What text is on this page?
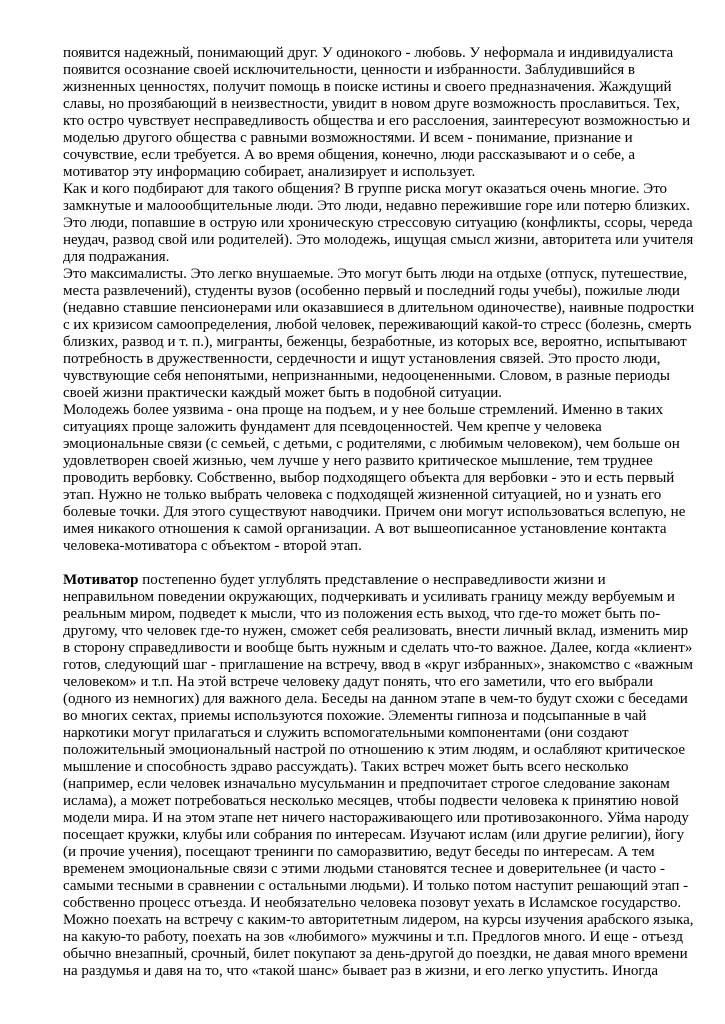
появится надежный, понимающий друг. У одинокого - любовь. У неформала и индивидуалиста
появится осознание своей исключительности, ценности и избранности. Заблудившийся в
жизненных ценностях, получит помощь в поиске истины и своего предназначения. Жаждущий
славы, но прозябающий в неизвестности, увидит в новом друге возможность прославиться. Тех,
кто остро чувствует несправедливость общества и его расслоения, заинтересуют возможностью и
моделью другого общества с равными возможностями. И всем - понимание, признание и
сочувствие, если требуется. А во время общения, конечно, люди рассказывают и о себе, а
мотиватор эту информацию собирает, анализирует и использует.
Как и кого подбирают для такого общения? В группе риска могут оказаться очень многие. Это
замкнутые и малоообщительные люди. Это люди, недавно пережившие горе или потерю близких.
Это люди, попавшие в острую или хроническую стрессовую ситуацию (конфликты, ссоры, череда
неудач, развод свой или родителей). Это молодежь, ищущая смысл жизни, авторитета или учителя
для подражания.
Это максималисты. Это легко внушаемые. Это могут быть люди на отдыхе (отпуск, путешествие,
места развлечений), студенты вузов (особенно первый и последний годы учебы), пожилые люди
(недавно ставшие пенсионерами или оказавшиеся в длительном одиночестве), наивные подростки
с их кризисом самоопределения, любой человек, переживающий какой-то стресс (болезнь, смерть
близких, развод и т. п.), мигранты, беженцы, безработные, из которых все, вероятно, испытывают
потребность в дружественности, сердечности и ищут установления связей. Это просто люди,
чувствующие себя непонятыми, непризнанными, недооцененными. Словом, в разные периоды
своей жизни практически каждый может быть в подобной ситуации.
Молодежь более уязвима - она проще на подъем, и у нее больше стремлений. Именно в таких
ситуациях проще заложить фундамент для псевдоценностей. Чем крепче у человека
эмоциональные связи (с семьей, с детьми, с родителями, с любимым человеком), чем больше он
удовлетворен своей жизнью, чем лучше у него развито критическое мышление, тем труднее
проводить вербовку. Собственно, выбор подходящего объекта для вербовки - это и есть первый
этап. Нужно не только выбрать человека с подходящей жизненной ситуацией, но и узнать его
болевые точки. Для этого существуют наводчики. Причем они могут использоваться вслепую, не
имея никакого отношения к самой организации. А вот вышеописанное установление контакта
человека-мотиватора с объектом - второй этап.
Мотиватор постепенно будет углублять представление о несправедливости жизни и
неправильном поведении окружающих, подчеркивать и усиливать границу между вербуемым и
реальным миром, подведет к мысли, что из положения есть выход, что где-то может быть по-
другому, что человек где-то нужен, сможет себя реализовать, внести личный вклад, изменить мир
в сторону справедливости и вообще быть нужным и сделать что-то важное. Далее, когда «клиент»
готов, следующий шаг - приглашение на встречу, ввод в «круг избранных», знакомство с «важным
человеком» и т.п. На этой встрече человеку дадут понять, что его заметили, что его выбрали
(одного из немногих) для важного дела. Беседы на данном этапе в чем-то будут схожи с беседами
во многих сектах, приемы используются похожие. Элементы гипноза и подсыпанные в чай
наркотики могут прилагаться и служить вспомогательными компонентами (они создают
положительный эмоциональный настрой по отношению к этим людям, и ослабляют критическое
мышление и способность здраво рассуждать). Таких встреч может быть всего несколько
(например, если человек изначально мусульманин и предпочитает строгое следование законам
ислама), а может потребоваться несколько месяцев, чтобы подвести человека к принятию новой
модели мира. И на этом этапе нет ничего настораживающего или противозаконного. Уйма народу
посещает кружки, клубы или собрания по интересам. Изучают ислам (или другие религии), йогу
(и прочие учения), посещают тренинги по саморазвитию, ведут беседы по интересам. А тем
временем эмоциональные связи с этими людьми становятся теснее и доверительнее (и часто -
самыми тесными в сравнении с остальными людьми). И только потом наступит решающий этап -
собственно процесс отъезда. И необязательно человека позовут уехать в Исламское государство.
Можно поехать на встречу с каким-то авторитетным лидером, на курсы изучения арабского языка,
на какую-то работу, поехать на зов «любимого» мужчины и т.п. Предлогов много. И еще - отъезд
обычно внезапный, срочный, билет покупают за день-другой до поездки, не давая много времени
на раздумья и давя на то, что «такой шанс» бывает раз в жизни, и его легко упустить. Иногда
